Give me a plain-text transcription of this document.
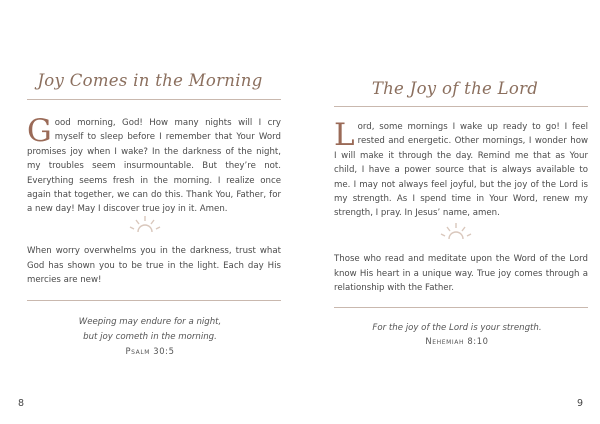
Joy Comes in the Morning
Good morning, God! How many nights will I cry myself to sleep before I remember that Your Word promises joy when I wake? In the darkness of the night, my troubles seem insurmountable. But they’re not. Everything seems fresh in the morning. I realize once again that together, we can do this. Thank You, Father, for a new day! May I discover true joy in it. Amen.
When worry overwhelms you in the darkness, trust what God has shown you to be true in the light. Each day His mercies are new!
Weeping may endure for a night,
but joy cometh in the morning.
Psalm 30:5
8
The Joy of the Lord
Lord, some mornings I wake up ready to go! I feel rested and energetic. Other mornings, I wonder how I will make it through the day. Remind me that as Your child, I have a power source that is always available to me. I may not always feel joyful, but the joy of the Lord is my strength. As I spend time in Your Word, renew my strength, I pray. In Jesus’ name, amen.
Those who read and meditate upon the Word of the Lord know His heart in a unique way. True joy comes through a relationship with the Father.
For the joy of the Lord is your strength.
Nehemiah 8:10
9
